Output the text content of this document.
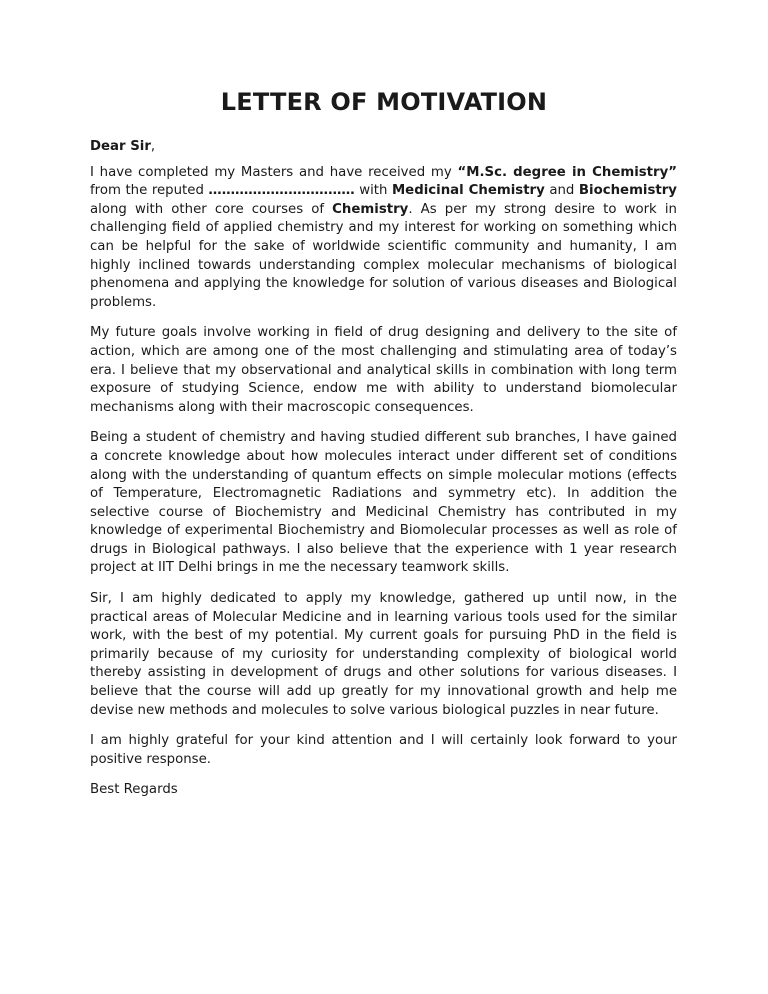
LETTER OF MOTIVATION

Dear Sir,

I have completed my Masters and have received my “M.Sc. degree in Chemistry” from the reputed …………………………… with Medicinal Chemistry and Biochemistry along with other core courses of Chemistry. As per my strong desire to work in challenging field of applied chemistry and my interest for working on something which can be helpful for the sake of worldwide scientific community and humanity, I am highly inclined towards understanding complex molecular mechanisms of biological phenomena and applying the knowledge for solution of various diseases and Biological problems.

My future goals involve working in field of drug designing and delivery to the site of action, which are among one of the most challenging and stimulating area of today’s era. I believe that my observational and analytical skills in combination with long term exposure of studying Science, endow me with ability to understand biomolecular mechanisms along with their macroscopic consequences.

Being a student of chemistry and having studied different sub branches, I have gained a concrete knowledge about how molecules interact under different set of conditions along with the understanding of quantum effects on simple molecular motions (effects of Temperature, Electromagnetic Radiations and symmetry etc). In addition the selective course of Biochemistry and Medicinal Chemistry has contributed in my knowledge of experimental Biochemistry and Biomolecular processes as well as role of drugs in Biological pathways. I also believe that the experience with 1 year research project at IIT Delhi brings in me the necessary teamwork skills.

Sir, I am highly dedicated to apply my knowledge, gathered up until now, in the practical areas of Molecular Medicine and in learning various tools used for the similar work, with the best of my potential. My current goals for pursuing PhD in the field is primarily because of my curiosity for understanding complexity of biological world thereby assisting in development of drugs and other solutions for various diseases. I believe that the course will add up greatly for my innovational growth and help me devise new methods and molecules to solve various biological puzzles in near future.

I am highly grateful for your kind attention and I will certainly look forward to your positive response.

Best Regards
